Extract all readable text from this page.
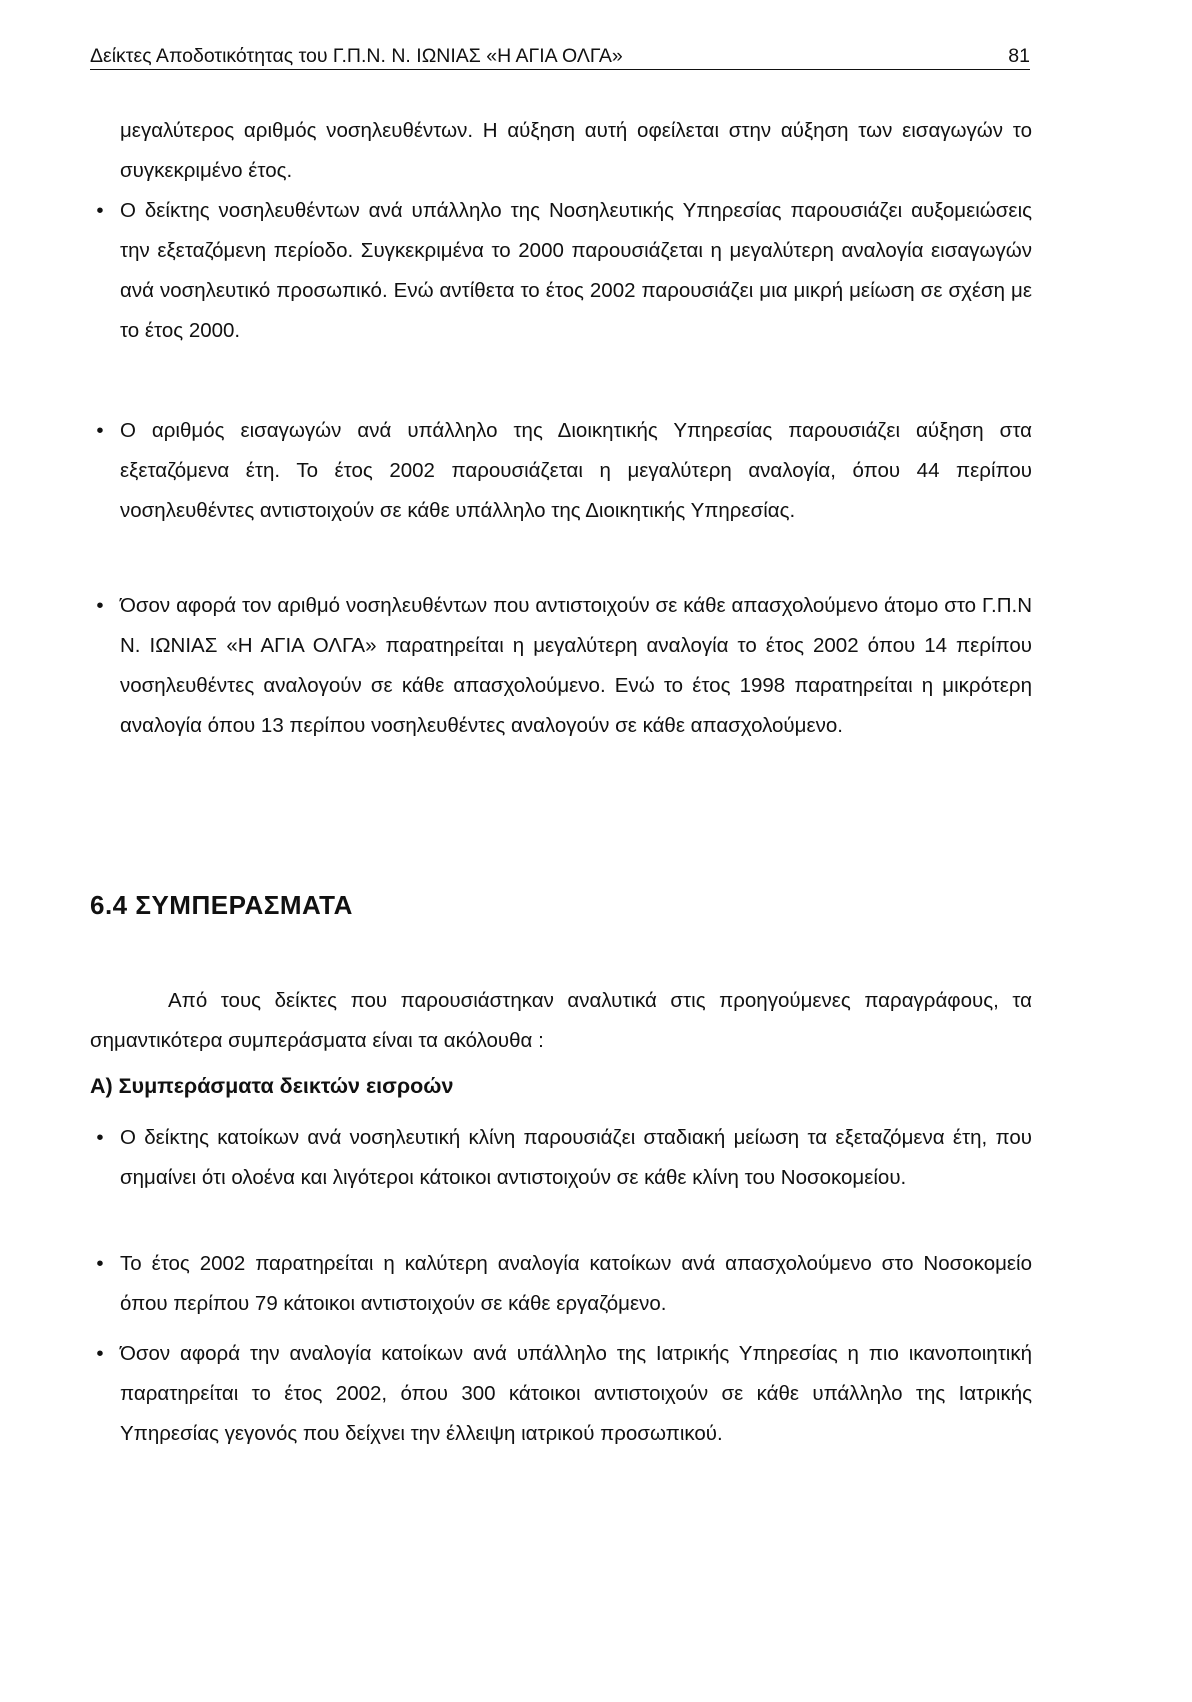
Δείκτες Αποδοτικότητας του Γ.Π.Ν. Ν. ΙΩΝΙΑΣ «Η ΑΓΙΑ ΟΛΓΑ»	81

μεγαλύτερος αριθμός νοσηλευθέντων. Η αύξηση αυτή οφείλεται στην αύξηση των εισαγωγών το συγκεκριμένο έτος.

• Ο δείκτης νοσηλευθέντων ανά υπάλληλο της Νοσηλευτικής Υπηρεσίας παρουσιάζει αυξομειώσεις την εξεταζόμενη περίοδο. Συγκεκριμένα το 2000 παρουσιάζεται η μεγαλύτερη αναλογία εισαγωγών ανά νοσηλευτικό προσωπικό. Ενώ αντίθετα το έτος 2002 παρουσιάζει μια μικρή μείωση σε σχέση με το έτος 2000.
• Ο αριθμός εισαγωγών ανά υπάλληλο της Διοικητικής Υπηρεσίας παρουσιάζει αύξηση στα εξεταζόμενα έτη. Το έτος 2002 παρουσιάζεται η μεγαλύτερη αναλογία, όπου 44 περίπου νοσηλευθέντες αντιστοιχούν σε κάθε υπάλληλο της Διοικητικής Υπηρεσίας.
• Όσον αφορά τον αριθμό νοσηλευθέντων που αντιστοιχούν σε κάθε απασχολούμενο άτομο στο Γ.Π.Ν Ν. ΙΩΝΙΑΣ «Η ΑΓΙΑ ΟΛΓΑ» παρατηρείται η μεγαλύτερη αναλογία το έτος 2002 όπου 14 περίπου νοσηλευθέντες αναλογούν σε κάθε απασχολούμενο. Ενώ το έτος 1998 παρατηρείται η μικρότερη αναλογία όπου 13 περίπου νοσηλευθέντες αναλογούν σε κάθε απασχολούμενο.
6.4 ΣΥΜΠΕΡΑΣΜΑΤΑ

Από τους δείκτες που παρουσιάστηκαν αναλυτικά στις προηγούμενες παραγράφους, τα σημαντικότερα συμπεράσματα είναι τα ακόλουθα :

Α) Συμπεράσματα δεικτών εισροών
• Ο δείκτης κατοίκων ανά νοσηλευτική κλίνη παρουσιάζει σταδιακή μείωση τα εξεταζόμενα έτη, που σημαίνει ότι ολοένα και λιγότεροι κάτοικοι αντιστοιχούν σε κάθε κλίνη του Νοσοκομείου.
• Το έτος 2002 παρατηρείται η καλύτερη αναλογία κατοίκων ανά απασχολούμενο στο Νοσοκομείο όπου περίπου 79 κάτοικοι αντιστοιχούν σε κάθε εργαζόμενο.
• Όσον αφορά την αναλογία κατοίκων ανά υπάλληλο της Ιατρικής Υπηρεσίας η πιο ικανοποιητική παρατηρείται το έτος 2002, όπου 300 κάτοικοι αντιστοιχούν σε κάθε υπάλληλο της Ιατρικής Υπηρεσίας γεγονός που δείχνει την έλλειψη ιατρικού προσωπικού.
